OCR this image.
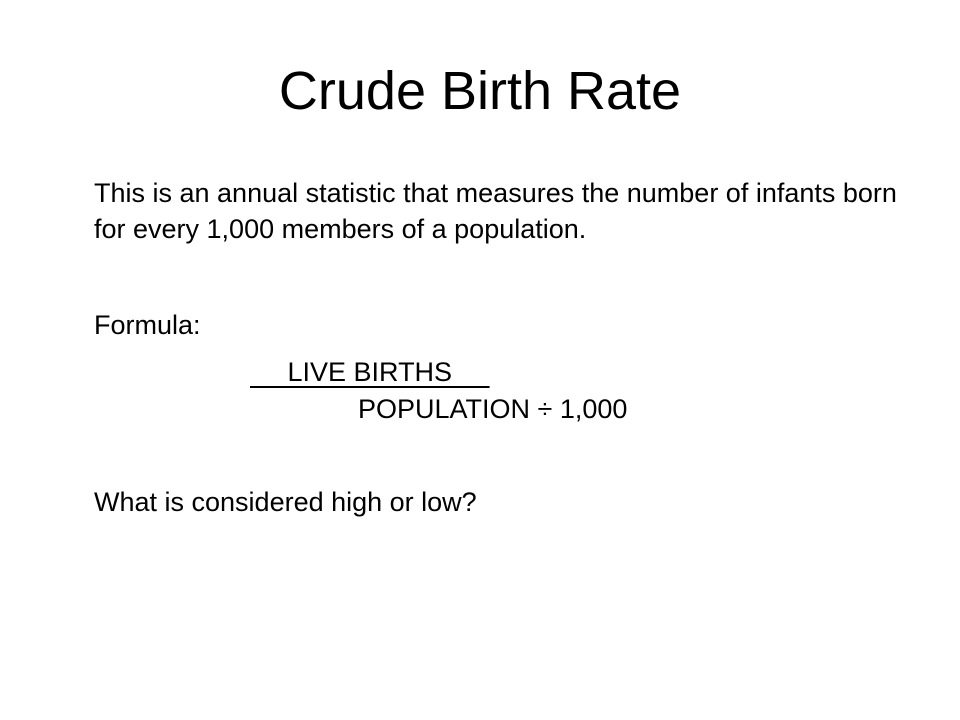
Crude Birth Rate
This is an annual statistic that measures the number of infants born for every 1,000 members of a population.
Formula:
LIVE BIRTHS
POPULATION ÷ 1,000
What is considered high or low?
